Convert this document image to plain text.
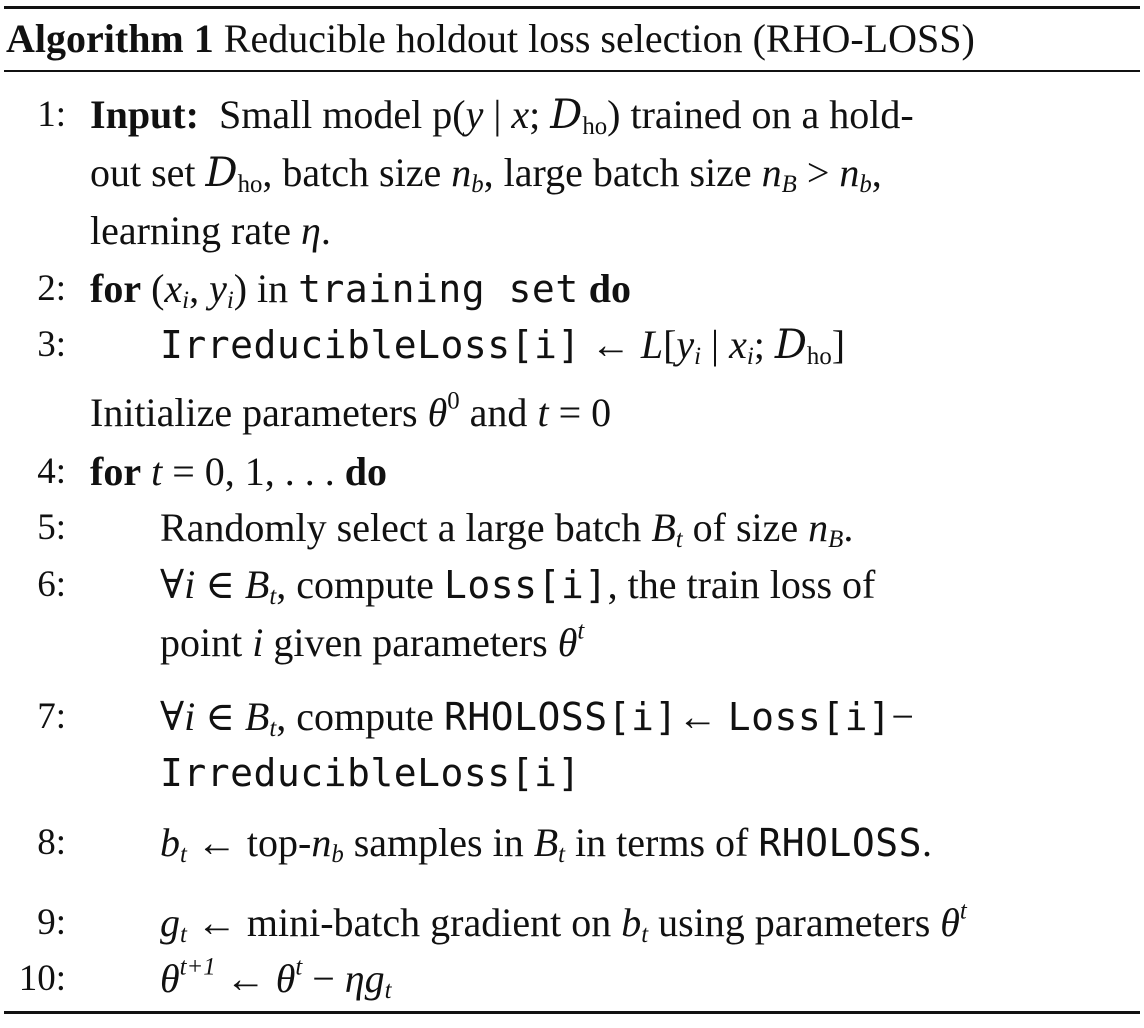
Algorithm 1 Reducible holdout loss selection (RHO-LOSS)
1: Input: Small model p(y | x; $D_{ho}$) trained on a hold-
out set $D_{ho}$, batch size $n_b$, large batch size $n_B > n_b$,
learning rate η.
2: for ($x_i$, $y_i$) in training set do
3: IrreducibleLoss[i] ← $L[y_i$ | $x_i$; $D_{ho}$]
Initialize parameters $\theta^0$ and t = 0
4: for t = 0, 1, . . . do
5: Randomly select a large batch $B_t$ of size $n_B$.
6: ∀i ∈ $B_t$, compute Loss[i], the train loss of
point i given parameters $\theta^t$
7: ∀i ∈ $B_t$, compute RHOLOSS[i]← Loss[i]−
IrreducibleLoss[i]
8: $b_t$ ← top-$n_b$ samples in $B_t$ in terms of RHOLOSS.
9: $g_t$ ← mini-batch gradient on $b_t$ using parameters $\theta^t$
10: $\theta^{t+1}$ ← $\theta^t - \eta g_t$
